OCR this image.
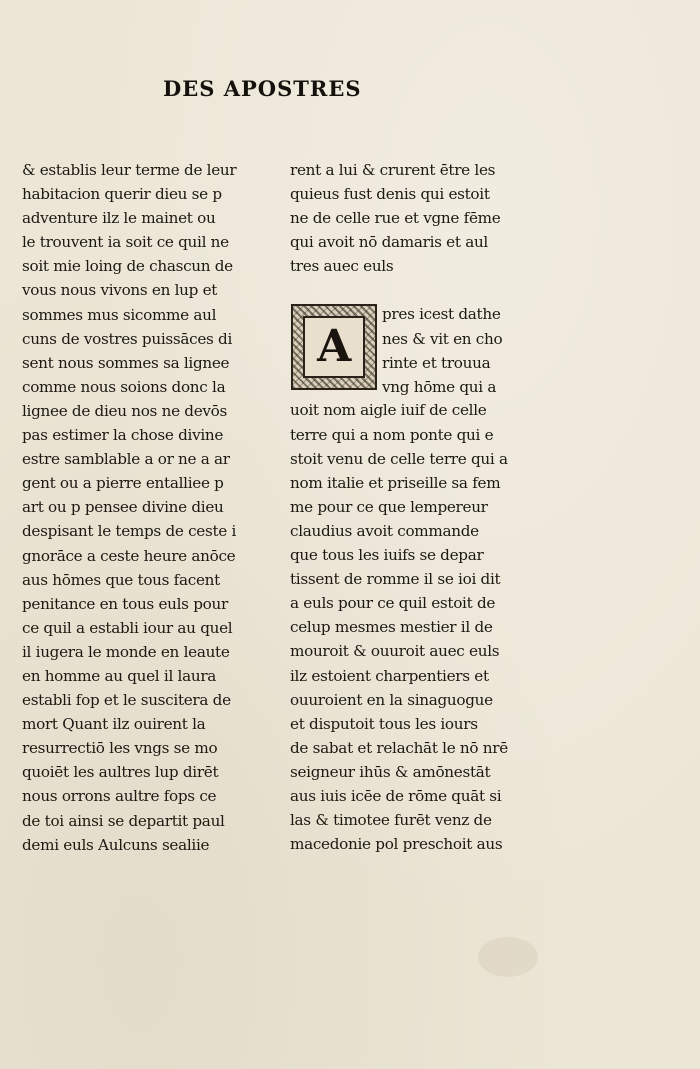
DES APOSTRES
& establis leur terme de leur
habitacion querir dieu se p
adventure ilz le mainet ou
le trouvent ia soit ce quil ne
soit mie loing de chascun de
vous nous vivons en lup et
sommes mus sicomme aul
cuns de vostres puissāces di
sent nous sommes sa lignee
comme nous soions donc la
lignee de dieu nos ne devōs
pas estimer la chose divine
estre samblable a or ne a ar
gent ou a pierre entalliee p
art ou p pensee divine dieu
despisant le temps de ceste i
gnorāce a ceste heure anōce
aus hōmes que tous facent
penitance en tous euls pour
ce quil a establi iour au quel
il iugera le monde en leaute
en homme au quel il laura
establi fop et le suscitera de
mort Quant ilz ouirent la
resurrectiō les vngs se mo
quoiēt les aultres lup dirēt
nous orrons aultre fops ce
de toi ainsi se departit paul
demi euls Aulcuns sealiie
rent a lui & crurent ētre les
quieus fust denis qui estoit
ne de celle rue et vgne fēme
qui avoit nō damaris et aul
tres auec euls
A
pres icest dathe
nes & vit en cho
rinte et trouua
vng hōme qui a
uoit nom aigle iuif de celle
terre qui a nom ponte qui e
stoit venu de celle terre qui a
nom italie et priseille sa fem
me pour ce que lempereur
claudius avoit commande
que tous les iuifs se depar
tissent de romme il se ioi dit
a euls pour ce quil estoit de
celup mesmes mestier il de
mouroit & ouuroit auec euls
ilz estoient charpentiers et
ouuroient en la sinaguogue
et disputoit tous les iours
de sabat et relachāt le nō nrē
seigneur ihūs & amōnestāt
aus iuis icēe de rōme quāt si
las & timotee furēt venz de
macedonie pol preschoit aus
